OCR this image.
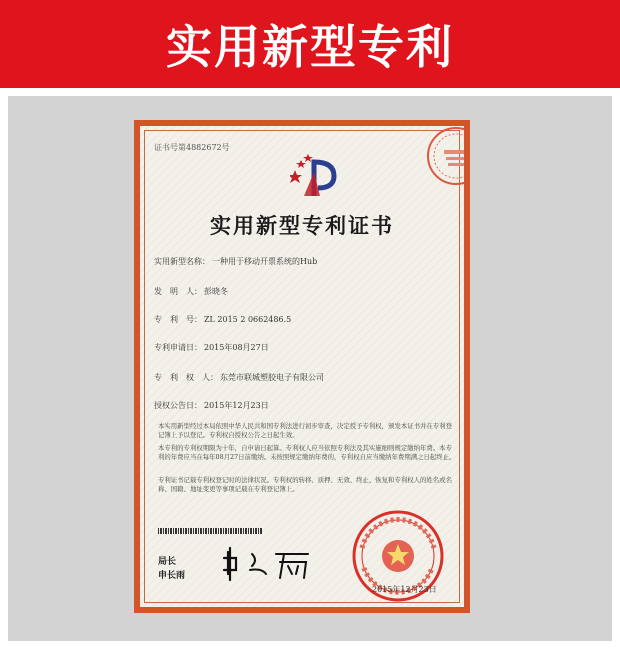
实用新型专利
证书号第4882672号
实用新型专利证书
实用新型名称： 一种用于移动开票系统的Hub
发　明　人： 彭晓冬
专　利　号： ZL 2015 2 0662486.5
专利申请日： 2015年08月27日
专　利　权　人： 东莞市联城塑胶电子有限公司
授权公告日： 2015年12月23日
本实用新型经过本局依照中华人民共和国专利法进行初步审查，决定授予专利权，颁发本证书并在专利登记簿上予以登记。专利权自授权公告之日起生效。
本专利的专利权期限为十年，自申请日起算。专利权人应当依照专利法及其实施细则规定缴纳年费。本专利的年费应当在每年08月27日前缴纳。未按照规定缴纳年费的，专利权自应当缴纳年费期满之日起终止。
专利证书记载专利权登记时的法律状况。专利权的转移、质押、无效、终止、恢复和专利权人的姓名或名称、国籍、地址变更等事项记载在专利登记簿上。
局长
申长雨
2015年12月23日
